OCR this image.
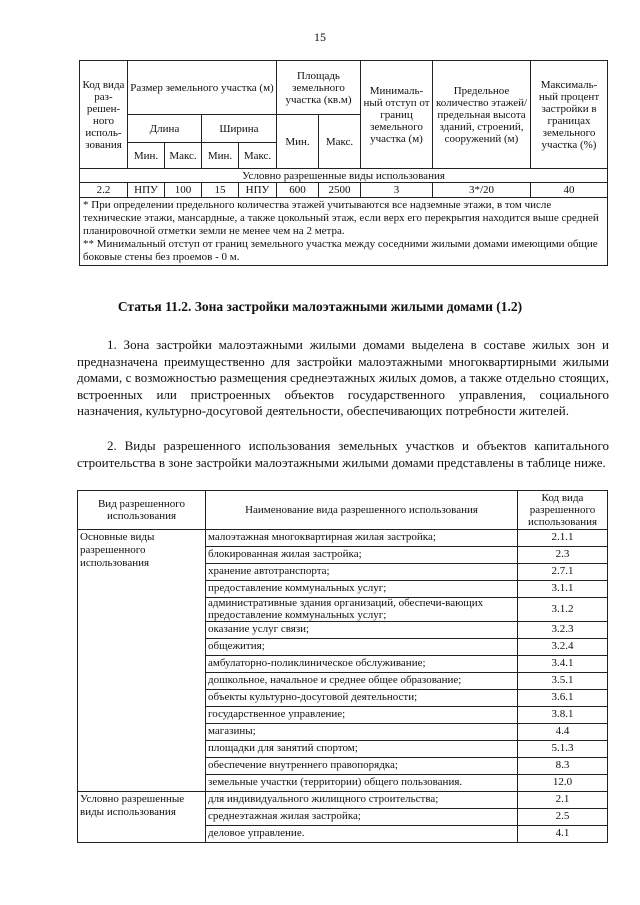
15
Код вида раз-решен-ного исполь-зования	Размер земельного участка (м)				Площадь земельного участка (кв.м)		Минималь-ный отступ от границ земельного участка (м)	Предельное количество этажей/ предельная высота зданий, строений, сооружений (м)	Максималь-ный процент застройки в границах земельного участка (%)
	Длина		Ширина		Мин.	Макс.			
	Мин.	Макс.	Мин.	Макс.					
Условно разрешенные виды использования									
2.2	НПУ	100	15	НПУ	600	2500	3	3*/20	40

* При определении предельного количества этажей учитываются все надземные этажи, в том числе технические этажи, мансардные, а также цокольный этаж, если верх его перекрытия находится выше средней планировочной отметки земли не менее чем на 2 метра.
** Минимальный отступ от границ земельного участка между соседними жилыми домами имеющими общие боковые стены без проемов - 0 м.									
Статья 11.2. Зона застройки малоэтажными жилыми домами (1.2)

1. Зона застройки малоэтажными жилыми домами выделена в составе жилых зон и предназначена преимущественно для застройки малоэтажными многоквартирными жилыми домами, с возможностью размещения среднеэтажных жилых домов, а также отдельно стоящих, встроенных или пристроенных объектов государственного управления, социального назначения, культурно-досуговой деятельности, обеспечивающих потребности жителей.

2. Виды разрешенного использования земельных участков и объектов капитального строительства в зоне застройки малоэтажными жилыми домами представлены в таблице ниже.

Вид разрешенного использования	Наименование вида разрешенного использования	Код вида разрешенного использования
Основные виды разрешенного использования	малоэтажная многоквартирная жилая застройка;	2.1.1
	блокированная жилая застройка;	2.3
	хранение автотранспорта;	2.7.1
	предоставление коммунальных услуг;	3.1.1
	административные здания организаций, обеспечи-вающих предоставление коммунальных услуг;	3.1.2
	оказание услуг связи;	3.2.3
	общежития;	3.2.4
	амбулаторно-поликлиническое обслуживание;	3.4.1
	дошкольное, начальное и среднее общее образование;	3.5.1
	объекты культурно-досуговой деятельности;	3.6.1
	государственное управление;	3.8.1
	магазины;	4.4
	площадки для занятий спортом;	5.1.3
	обеспечение внутреннего правопорядка;	8.3
	земельные участки (территории) общего пользования.	12.0
Условно разрешенные виды использования	для индивидуального жилищного строительства;	2.1
	среднеэтажная жилая застройка;	2.5
	деловое управление.	4.1
